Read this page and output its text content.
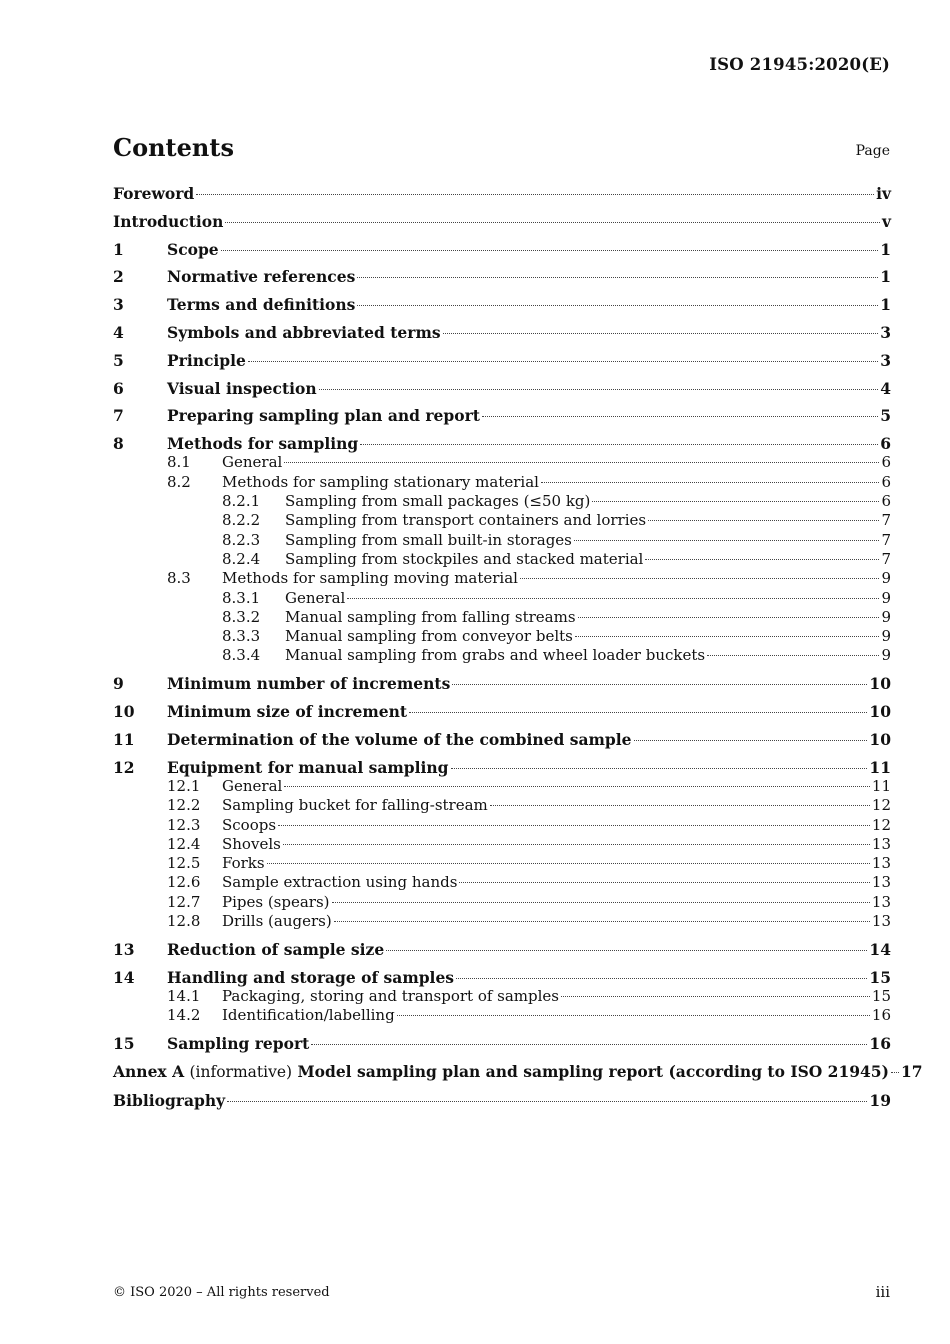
ISO 21945:2020(E)
Contents	Page
Foreword	iv
Introduction	v
1	Scope	1
2	Normative references	1
3	Terms and definitions	1
4	Symbols and abbreviated terms	3
5	Principle	3
6	Visual inspection	4
7	Preparing sampling plan and report	5
8	Methods for sampling	6
8.1 General	6
8.2 Methods for sampling stationary material	6
8.2.1 Sampling from small packages (≤50 kg)	6
8.2.2 Sampling from transport containers and lorries	7
8.2.3 Sampling from small built-in storages	7
8.2.4 Sampling from stockpiles and stacked material	7
8.3 Methods for sampling moving material	9
8.3.1 General	9
8.3.2 Manual sampling from falling streams	9
8.3.3 Manual sampling from conveyor belts	9
8.3.4 Manual sampling from grabs and wheel loader buckets	9
9	Minimum number of increments	10
10 Minimum size of increment	10
11 Determination of the volume of the combined sample	10
12 Equipment for manual sampling	11
12.1 General	11
12.2 Sampling bucket for falling-stream	12
12.3 Scoops	12
12.4 Shovels	13
12.5 Forks	13
12.6 Sample extraction using hands	13
12.7 Pipes (spears)	13
12.8 Drills (augers)	13
13 Reduction of sample size	14
14 Handling and storage of samples	15
14.1 Packaging, storing and transport of samples	15
14.2 Identification/labelling	16
15 Sampling report	16
Annex A (informative) Model sampling plan and sampling report (according to ISO 21945) 17
Bibliography	19
© ISO 2020 – All rights reserved	iii
